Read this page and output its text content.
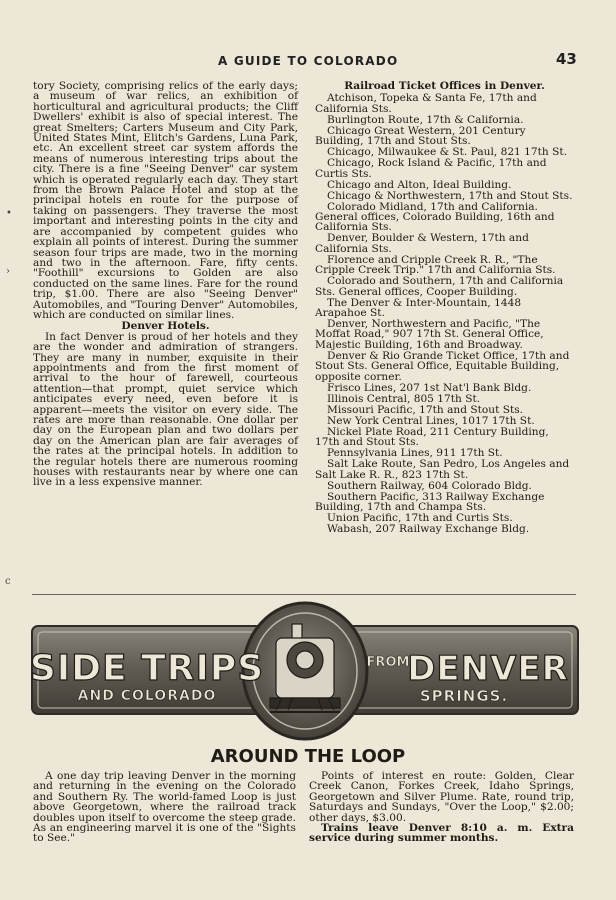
A GUIDE TO COLORADO	43
•
›
c

tory Society, comprising relics of the early days; a museum of war relics, an exhibition of horticultural and agricultural products; the Cliff Dwellers' exhibit is also of special interest. The great Smelters; Carters Museum and City Park, United States Mint, Elitch's Gardens, Luna Park, etc. An excellent street car system affords the means of numerous interesting trips about the city. There is a fine "Seeing Denver" car system which is operated regularly each day. They start from the Brown Palace Hotel and stop at the principal hotels en route for the purpose of taking on passengers. They traverse the most important and interesting points in the city and are accompanied by competent guides who explain all points of interest. During the summer season four trips are made, two in the morning and two in the afternoon. Fare, fifty cents. "Foothill" excursions to Golden are also conducted on the same lines. Fare for the round trip, $1.00. There are also "Seeing Denver" Automobiles, and "Touring Denver" Automobiles, which are conducted on similar lines.

Denver Hotels.

In fact Denver is proud of her hotels and they are the wonder and admiration of strangers. They are many in number, exquisite in their appointments and from the first moment of arrival to the hour of farewell, courteous attention—that prompt, quiet service which anticipates every need, even before it is apparent—meets the visitor on every side. The rates are more than reasonable. One dollar per day on the European plan and two dollars per day on the American plan are fair averages of the rates at the principal hotels. In addition to the regular hotels there are numerous rooming houses with restaurants near by where one can live in a less expensive manner.

Railroad Ticket Offices in Denver.

Atchison, Topeka & Santa Fe, 17th and California Sts.

Burlington Route, 17th & California.

Chicago Great Western, 201 Century Building, 17th and Stout Sts.

Chicago, Milwaukee & St. Paul, 821 17th St.

Chicago, Rock Island & Pacific, 17th and Curtis Sts.

Chicago and Alton, Ideal Building.

Chicago & Northwestern, 17th and Stout Sts.

Colorado Midland, 17th and California. General offices, Colorado Building, 16th and California Sts.

Denver, Boulder & Western, 17th and California Sts.

Florence and Cripple Creek R. R., "The Cripple Creek Trip." 17th and California Sts.

Colorado and Southern, 17th and California Sts. General offices, Cooper Building.

The Denver & Inter-Mountain, 1448 Arapahoe St.

Denver, Northwestern and Pacific, "The Moffat Road," 907 17th St. General Office, Majestic Building, 16th and Broadway.

Denver & Rio Grande Ticket Office, 17th and Stout Sts. General Office, Equitable Building, opposite corner.

Frisco Lines, 207 1st Nat'l Bank Bldg.

Illinois Central, 805 17th St.

Missouri Pacific, 17th and Stout Sts.

New York Central Lines, 1017 17th St.

Nickel Plate Road, 211 Century Building, 17th and Stout Sts.

Pennsylvania Lines, 911 17th St.

Salt Lake Route, San Pedro, Los Angeles and Salt Lake R. R., 823 17th St.

Southern Railway, 604 Colorado Bldg.

Southern Pacific, 313 Railway Exchange Building, 17th and Champa Sts.

Union Pacific, 17th and Curtis Sts.

Wabash, 207 Railway Exchange Bldg.

SIDE TRIPS
AND COLORADO
FROM
DENVER
SPRINGS.
AROUND THE LOOP

A one day trip leaving Denver in the morning and returning in the evening on the Colorado and Southern Ry. The world-famed Loop is just above Georgetown, where the railroad track doubles upon itself to overcome the steep grade. As an engineering marvel it is one of the "Sights to See."

Points of interest en route: Golden, Clear Creek Canon, Forkes Creek, Idaho Springs, Georgetown and Silver Plume. Rate, round trip, Saturdays and Sundays, "Over the Loop," $2.00; other days, $3.00.

Trains leave Denver 8:10 a. m. Extra service during summer months.
